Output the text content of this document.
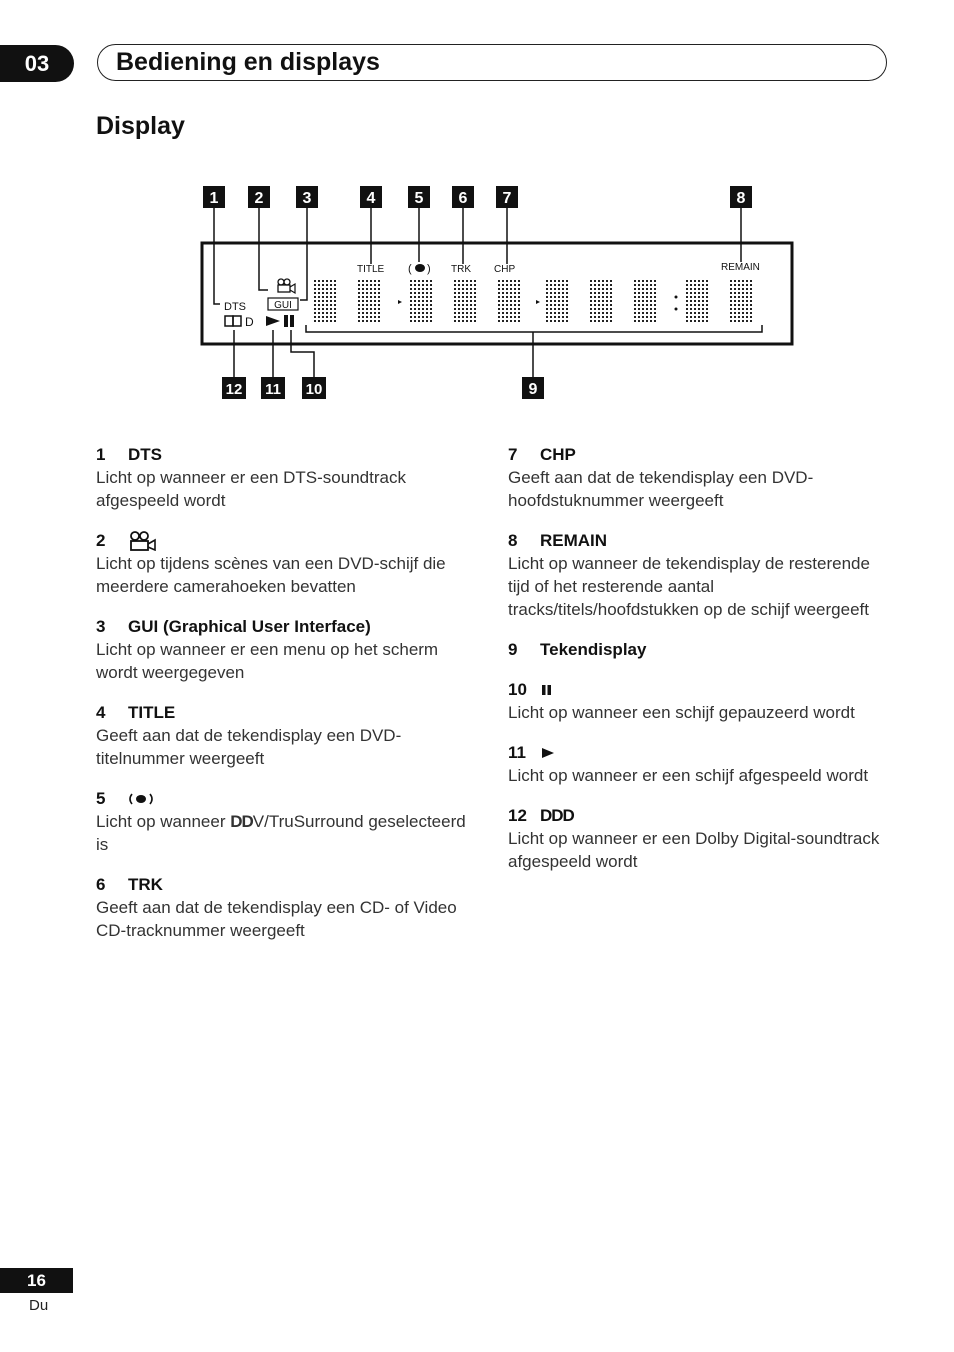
03	Bediening en displays
Display
1 2 3	4 5 6 7	8
12 11 10	9
TITLE ( ) TRK CHP	REMAIN
GUI
DTS
D
1	DTS
Licht op wanneer er een DTS-soundtrack afgespeeld wordt
2
Licht op tijdens scènes van een DVD-schijf die meerdere camerahoeken bevatten
3	GUI (Graphical User Interface)
Licht op wanneer er een menu op het scherm wordt weergegeven
4	TITLE
Geeft aan dat de tekendisplay een DVD-titelnummer weergeeft
5
Licht op wanneer DDV/TruSurround geselecteerd is
6	TRK
Geeft aan dat de tekendisplay een CD- of Video CD-tracknummer weergeeft
7	CHP
Geeft aan dat de tekendisplay een DVD-hoofdstuknummer weergeeft
8	REMAIN
Licht op wanneer de tekendisplay de resterende tijd of het resterende aantal tracks/titels/hoofdstukken op de schijf weergeeft
9	Tekendisplay
10
Licht op wanneer een schijf gepauzeerd wordt
11
Licht op wanneer er een schijf afgespeeld wordt
12 DDD
Licht op wanneer er een Dolby Digital-soundtrack afgespeeld wordt
16
Du
